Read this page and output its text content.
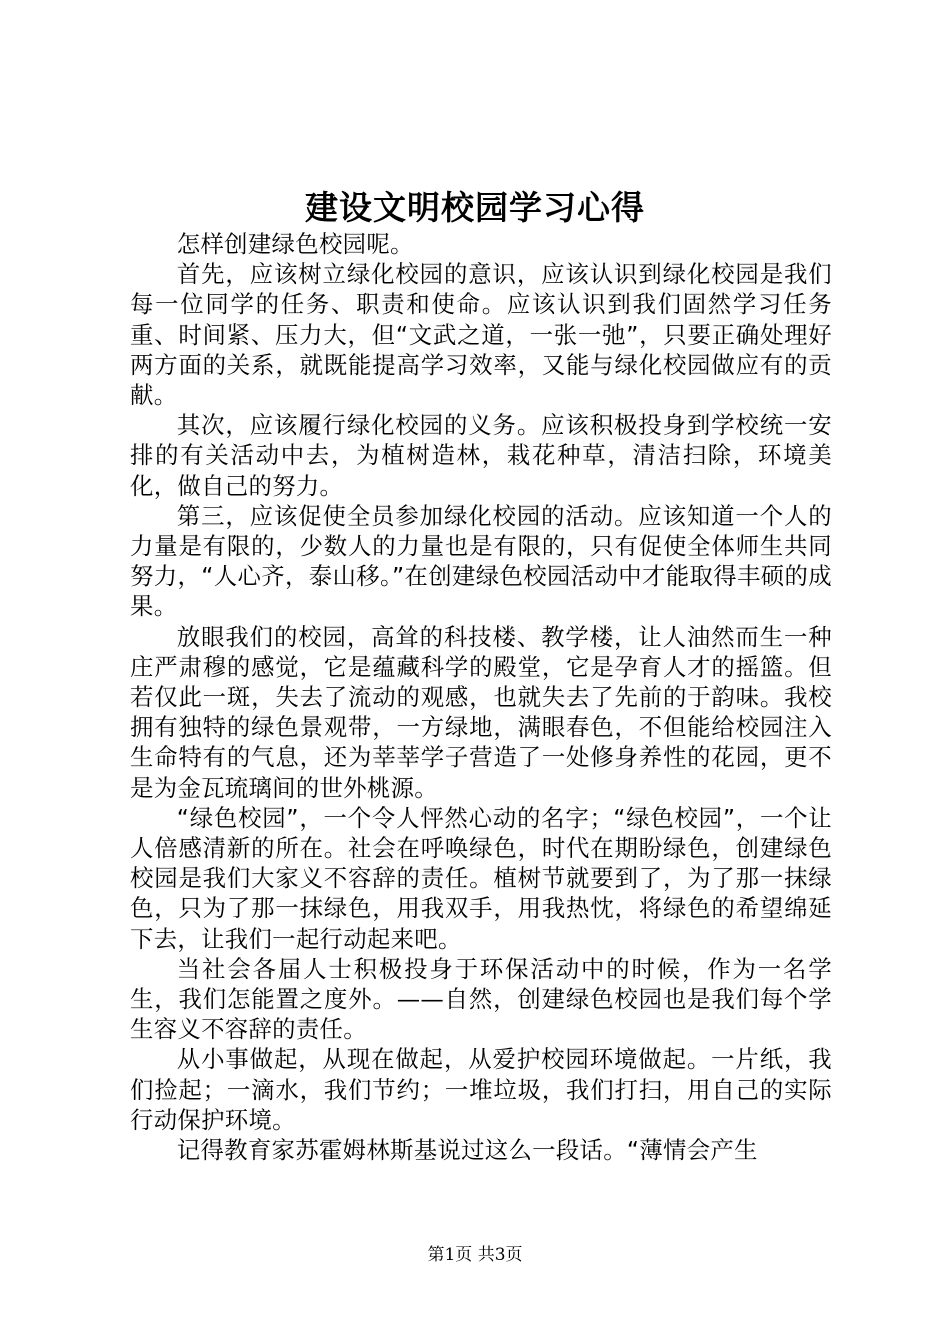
建设文明校园学习心得

怎样创建绿色校园呢。

首先，应该树立绿化校园的意识，应该认识到绿化校园是我们每一位同学的任务、职责和使命。应该认识到我们固然学习任务重、时间紧、压力大，但“文武之道，一张一弛”，只要正确处理好两方面的关系，就既能提高学习效率，又能与绿化校园做应有的贡献。

其次，应该履行绿化校园的义务。应该积极投身到学校统一安排的有关活动中去，为植树造林，栽花种草，清洁扫除，环境美化，做自己的努力。

第三，应该促使全员参加绿化校园的活动。应该知道一个人的力量是有限的，少数人的力量也是有限的，只有促使全体师生共同努力，“人心齐，泰山移。”在创建绿色校园活动中才能取得丰硕的成果。

放眼我们的校园，高耸的科技楼、教学楼，让人油然而生一种庄严肃穆的感觉，它是蕴藏科学的殿堂，它是孕育人才的摇篮。但若仅此一斑，失去了流动的观感，也就失去了先前的于韵味。我校拥有独特的绿色景观带，一方绿地，满眼春色，不但能给校园注入生命特有的气息，还为莘莘学子营造了一处修身养性的花园，更不是为金瓦琉璃间的世外桃源。

“绿色校园”，一个令人怦然心动的名字；“绿色校园”，一个让人倍感清新的所在。社会在呼唤绿色，时代在期盼绿色，创建绿色校园是我们大家义不容辞的责任。植树节就要到了，为了那一抹绿色，只为了那一抹绿色，用我双手，用我热忱，将绿色的希望绵延下去，让我们一起行动起来吧。

当社会各届人士积极投身于环保活动中的时候，作为一名学生，我们怎能置之度外。——自然，创建绿色校园也是我们每个学生容义不容辞的责任。

从小事做起，从现在做起，从爱护校园环境做起。一片纸，我们捡起；一滴水，我们节约；一堆垃圾，我们打扫，用自己的实际行动保护环境。

记得教育家苏霍姆林斯基说过这么一段话。“薄情会产生

第1页 共3页
